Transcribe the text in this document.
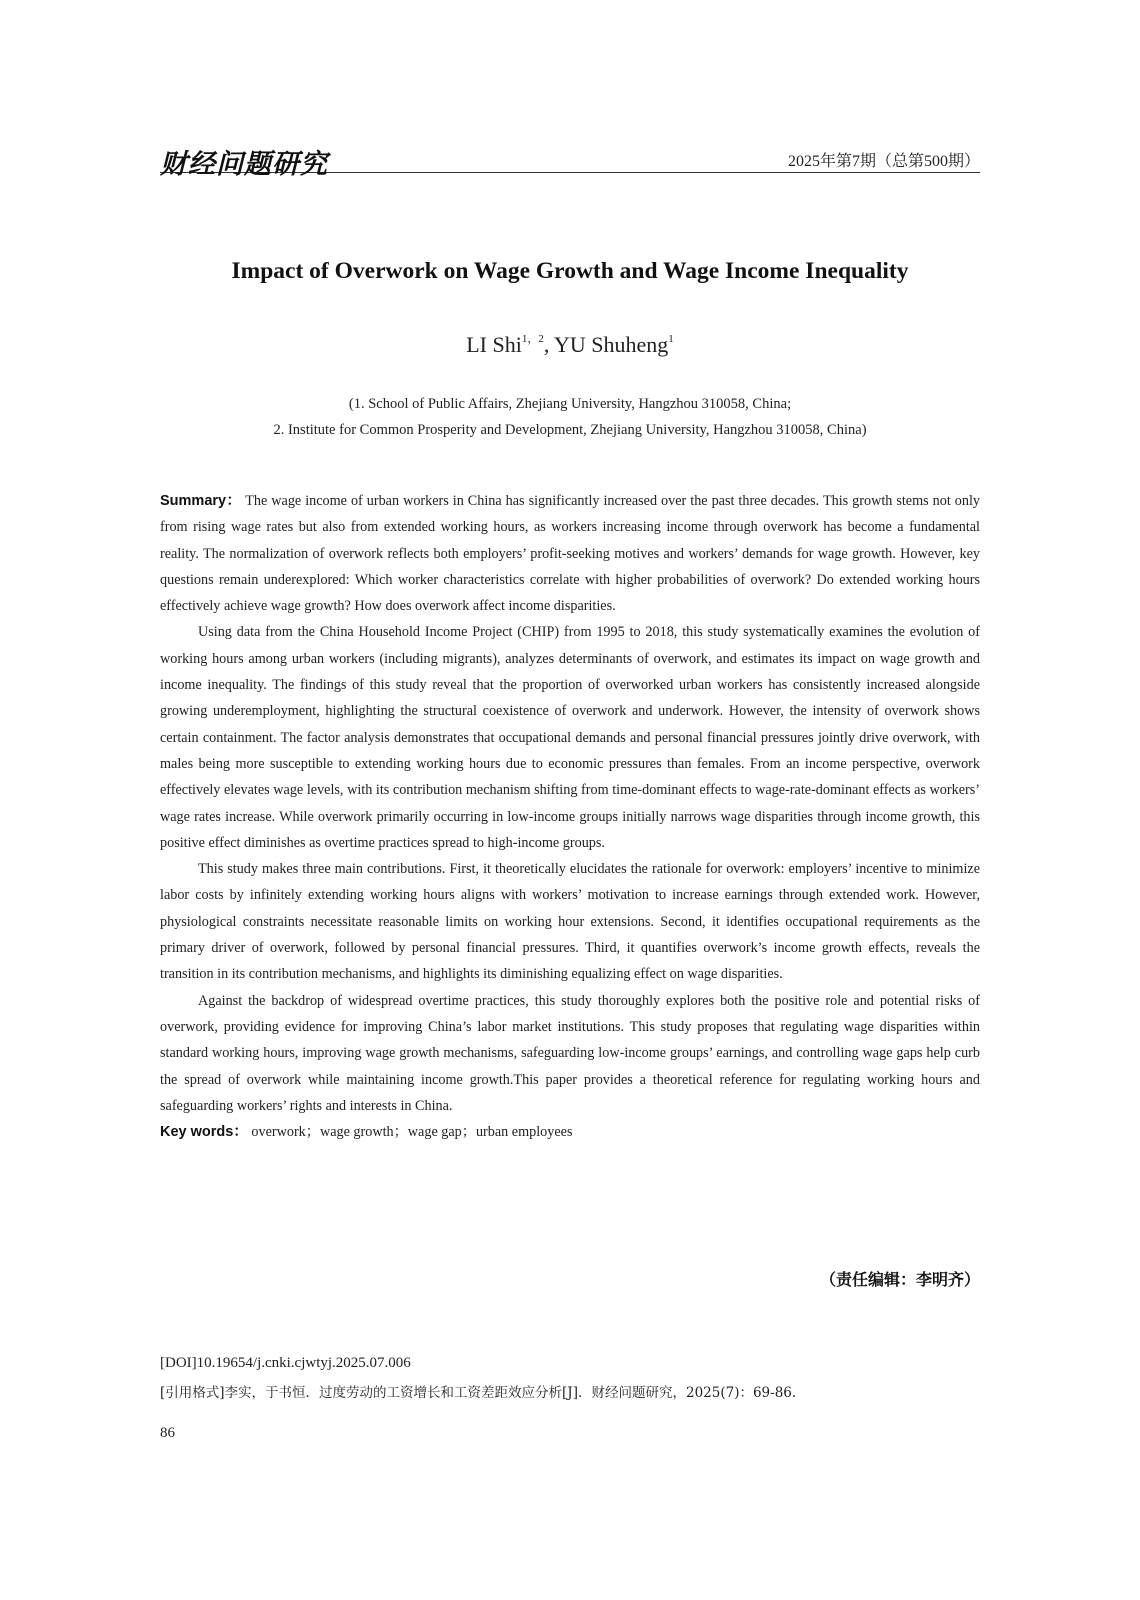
财经问题研究	2025年第7期（总第500期）
Impact of Overwork on Wage Growth and Wage Income Inequality
LI Shi$^{1,2}$, YU Shuheng$^1$
(1. School of Public Affairs, Zhejiang University, Hangzhou 310058, China;
2. Institute for Common Prosperity and Development, Zhejiang University, Hangzhou 310058, China)

Summary： The wage income of urban workers in China has significantly increased over the past three decades. This growth stems not only from rising wage rates but also from extended working hours, as workers increasing income through overwork has become a fundamental reality. The normalization of overwork reflects both employers’ profit-seeking motives and workers’ demands for wage growth. However, key questions remain underexplored: Which worker characteristics correlate with higher probabilities of overwork? Do extended working hours effectively achieve wage growth? How does overwork affect income disparities.

Using data from the China Household Income Project (CHIP) from 1995 to 2018, this study systematically examines the evolution of working hours among urban workers (including migrants), analyzes determinants of overwork, and estimates its impact on wage growth and income inequality. The findings of this study reveal that the proportion of overworked urban workers has consistently increased alongside growing underemployment, highlighting the structural coexistence of overwork and underwork. However, the intensity of overwork shows certain containment. The factor analysis demonstrates that occupational demands and personal financial pressures jointly drive overwork, with males being more susceptible to extending working hours due to economic pressures than females. From an income perspective, overwork effectively elevates wage levels, with its contribution mechanism shifting from time-dominant effects to wage-rate-dominant effects as workers’ wage rates increase. While overwork primarily occurring in low-income groups initially narrows wage disparities through income growth, this positive effect diminishes as overtime practices spread to high-income groups.

This study makes three main contributions. First, it theoretically elucidates the rationale for overwork: employers’ incentive to minimize labor costs by infinitely extending working hours aligns with workers’ motivation to increase earnings through extended work. However, physiological constraints necessitate reasonable limits on working hour extensions. Second, it identifies occupational requirements as the primary driver of overwork, followed by personal financial pressures. Third, it quantifies overwork’s income growth effects, reveals the transition in its contribution mechanisms, and highlights its diminishing equalizing effect on wage disparities.

Against the backdrop of widespread overtime practices, this study thoroughly explores both the positive role and potential risks of overwork, providing evidence for improving China’s labor market institutions. This study proposes that regulating wage disparities within standard working hours, improving wage growth mechanisms, safeguarding low-income groups’ earnings, and controlling wage gaps help curb the spread of overwork while maintaining income growth.This paper provides a theoretical reference for regulating working hours and safeguarding workers’ rights and interests in China.

Key words： overwork；wage growth；wage gap；urban employees

（责任编辑：李明齐）
[DOI]10.19654/j.cnki.cjwtyj.2025.07.006
[引用格式]李实，于书恒．过度劳动的工资增长和工资差距效应分析[J]．财经问题研究，2025(7)：69-86.
86
